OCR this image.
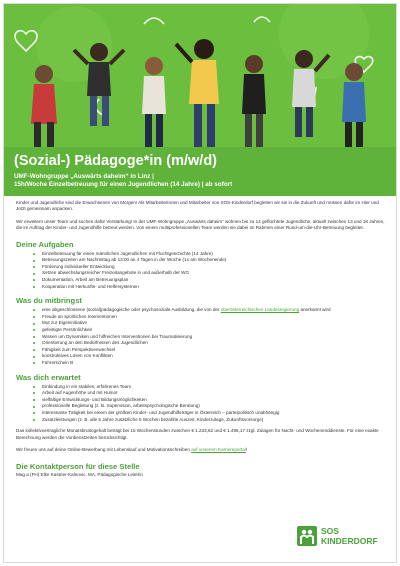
(Sozial-) Pädagoge*in (m/w/d)
UMF-Wohngruppe „Auswärts daheim“ in Linz |
15h/Woche Einzelbetreuung für einen Jugendlichen (14 Jahre) | ab sofort

Kinder und Jugendliche sind die Erwachsenen von Morgen! Als Mitarbeiterinnen und Mitarbeiter von SOS-Kinderdorf begleiten wir sie in die Zukunft und müssen dafür im Hier und Jetzt gemeinsam anpacken.

Wir erweitern unser Team und suchen dafür Verstärkung! In der UMF-Wohngruppe „Auswärts daheim“ wohnen bis zu 14 geflüchtete Jugendliche, aktuell zwischen 13 und 18 Jahren, die im Auftrag der Kinder- und Jugendhilfe betreut werden. Von einem multiprofessionellen Team werden sie dabei im Rahmen einer Rund-um-die-Uhr-Betreuung begleitet.

Deine Aufgaben
Einzelbetreuung für einen männlichen Jugendlichen mit Fluchtgeschichte (14 Jahre)
Betreuungszeiten am Nachmittag ab 13:00 an 4 Tagen in der Woche (1x am Wochenende)
Förderung individueller Entwicklung
Setzen abwechslungsreicher Freizeitangebote in und außerhalb der WG
Dokumentation, Arbeit am Betreuungsplan
Kooperation mit Herkunfts- und Helfersystemen
Was du mitbringst
eine abgeschlossene (sozial)pädagogische oder psychosoziale Ausbildung, die von der oberösterreichischen Landesregierung anerkannt wird
Freude an sportlichen Interventionen
Mut zur Eigeninitiative
gefestigte Persönlichkeit
Wissen um Dynamiken und hilfreichen Interventionen bei Traumatisierung
Orientierung an den Bedürfnissen des Jugendlichen
Fähigkeit zum Perspektivenwechsel
konstruktives Lösen von Konflikten
Führerschein B
Was dich erwartet
Einbindung in ein stabiles, erfahrenes Team
Arbeit auf Augenhöhe und mit Humor
vielfältige Entwicklungs- und Bildungsmöglichkeiten
professionelle Begleitung (z. B. Supervision, arbeitspsychologische Beratung)
interessante Tätigkeit bei einem der größten Kinder- und Jugendhilfeträger in Österreich – parteipolitisch unabhängig
Zusatzleistungen (z. B. alle 5 Jahre zusätzliche 5 Wochen bezahlte Auszeit, Kinderzulage, Zukunftsvorsorge)

Das kollektivvertragliche Monatsbruttogehalt beträgt bei 15 Wochenstunden zwischen € 1.233,62 und € 1.495,17 zzgl. Zulagen für Nacht- und Wochenenddienste. Für eine exakte Berechnung werden die Vordienstzeiten berücksichtigt.

Wir freuen uns auf deine Online-Bewerbung mit Lebenslauf und Motivationsschreiben auf unserem Karriereportal!

Die Kontaktperson für diese Stelle

Mag.a (FH) Elke Kastner-Kalnovic, MA, Pädagogische Leiterin

SOS
KINDERDORF
